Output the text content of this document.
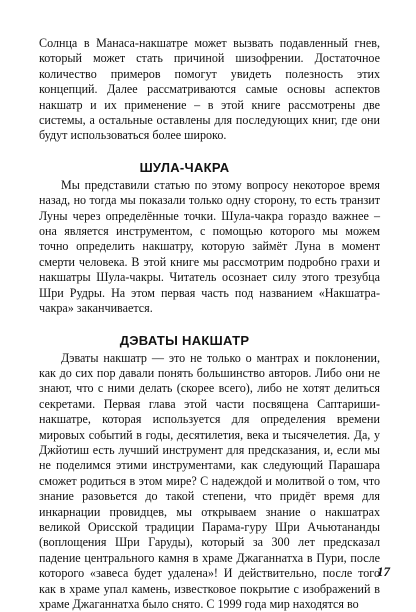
Солнца в Манаса-накшатре может вызвать подавленный гнев, который может стать причиной шизофрении. Достаточное количество примеров помогут увидеть полезность этих концепций. Далее рассматриваются самые основы аспектов накшатр и их применение – в этой книге рассмотрены две системы, а остальные оставлены для последующих книг, где они будут использоваться более широко.

ШУЛА-ЧАКРА

Мы представили статью по этому вопросу некоторое время назад, но тогда мы показали только одну сторону, то есть транзит Луны через определённые точки. Шула-чакра гораздо важнее – она является инструментом, с помощью которого мы можем точно определить накшатру, которую займёт Луна в момент смерти человека. В этой книге мы рассмотрим подробно грахи и накшатры Шула-чакры. Читатель осознает силу этого трезубца Шри Рудры. На этом первая часть под названием «Накшатра-чакра» заканчивается.

ДЭВАТЫ НАКШАТР

Дэваты накшатр — это не только о мантрах и поклонении, как до сих пор давали понять большинство авторов. Либо они не знают, что с ними делать (скорее всего), либо не хотят делиться секретами. Первая глава этой части посвящена Саптариши-накшатре, которая используется для определения времени мировых событий в годы, десятилетия, века и тысячелетия. Да, у Джйотиш есть лучший инструмент для предсказания, и, если мы не поделимся этими инструментами, как следующий Парашара сможет родиться в этом мире? С надеждой и молитвой о том, что знание разовьется до такой степени, что придёт время для инкарнации провидцев, мы открываем знание о накшатрах великой Орисской традиции Парама-гуру Шри Ачьютананды (воплощения Шри Гаруды), который за 300 лет предсказал падение центрального камня в храме Джаганнатха в Пури, после которого «завеса будет удалена»! И действительно, после того как в храме упал камень, известковое покрытие с изображений в храме Джаганнатха было снято. С 1999 года мир находятся во

17
